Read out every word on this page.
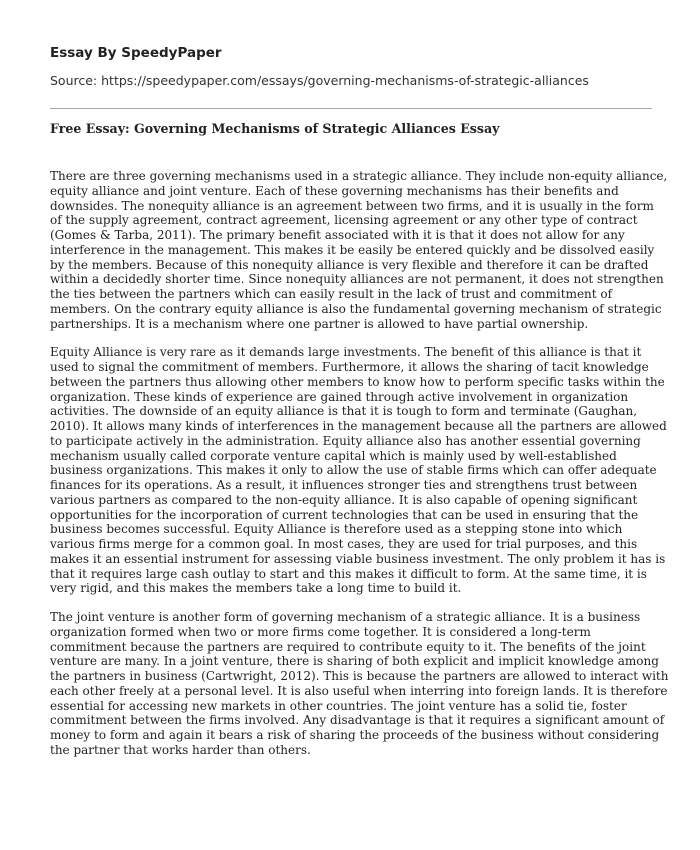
Essay By SpeedyPaper
Source: https://speedypaper.com/essays/governing-mechanisms-of-strategic-alliances
Free Essay: Governing Mechanisms of Strategic Alliances Essay

There are three governing mechanisms used in a strategic alliance. They include non-equity alliance,
equity alliance and joint venture. Each of these governing mechanisms has their benefits and
downsides. The nonequity alliance is an agreement between two firms, and it is usually in the form
of the supply agreement, contract agreement, licensing agreement or any other type of contract
(Gomes & Tarba, 2011). The primary benefit associated with it is that it does not allow for any
interference in the management. This makes it be easily be entered quickly and be dissolved easily
by the members. Because of this nonequity alliance is very flexible and therefore it can be drafted
within a decidedly shorter time. Since nonequity alliances are not permanent, it does not strengthen
the ties between the partners which can easily result in the lack of trust and commitment of
members. On the contrary equity alliance is also the fundamental governing mechanism of strategic
partnerships. It is a mechanism where one partner is allowed to have partial ownership.

Equity Alliance is very rare as it demands large investments. The benefit of this alliance is that it
used to signal the commitment of members. Furthermore, it allows the sharing of tacit knowledge
between the partners thus allowing other members to know how to perform specific tasks within the
organization. These kinds of experience are gained through active involvement in organization
activities. The downside of an equity alliance is that it is tough to form and terminate (Gaughan,
2010). It allows many kinds of interferences in the management because all the partners are allowed
to participate actively in the administration. Equity alliance also has another essential governing
mechanism usually called corporate venture capital which is mainly used by well-established
business organizations. This makes it only to allow the use of stable firms which can offer adequate
finances for its operations. As a result, it influences stronger ties and strengthens trust between
various partners as compared to the non-equity alliance. It is also capable of opening significant
opportunities for the incorporation of current technologies that can be used in ensuring that the
business becomes successful. Equity Alliance is therefore used as a stepping stone into which
various firms merge for a common goal. In most cases, they are used for trial purposes, and this
makes it an essential instrument for assessing viable business investment. The only problem it has is
that it requires large cash outlay to start and this makes it difficult to form. At the same time, it is
very rigid, and this makes the members take a long time to build it.

The joint venture is another form of governing mechanism of a strategic alliance. It is a business
organization formed when two or more firms come together. It is considered a long-term
commitment because the partners are required to contribute equity to it. The benefits of the joint
venture are many. In a joint venture, there is sharing of both explicit and implicit knowledge among
the partners in business (Cartwright, 2012). This is because the partners are allowed to interact with
each other freely at a personal level. It is also useful when interring into foreign lands. It is therefore
essential for accessing new markets in other countries. The joint venture has a solid tie, foster
commitment between the firms involved. Any disadvantage is that it requires a significant amount of
money to form and again it bears a risk of sharing the proceeds of the business without considering
the partner that works harder than others.
